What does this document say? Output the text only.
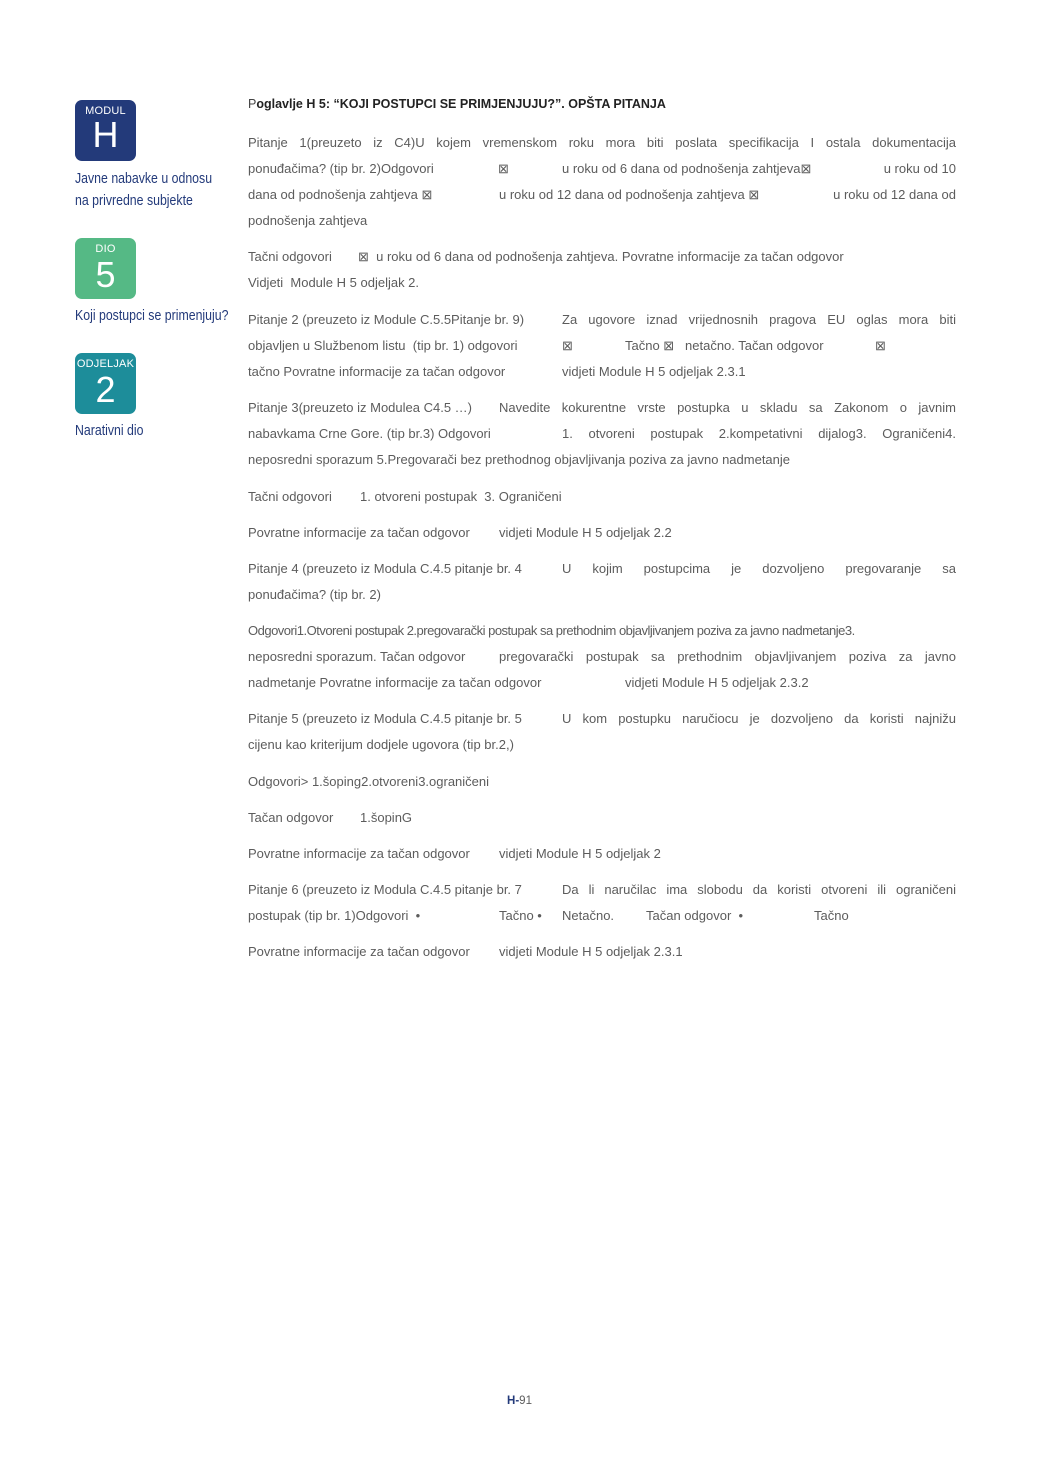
MODUL
H
Javne nabavke u odnosu
na privredne subjekte
DIO
5
Koji postupci se primenjuju?
ODJELJAK
2
Narativni dio
Poglavlje H 5: “KOJI POSTUPCI SE PRIMJENJUJU?”. OPŠTA PITANJA
Pitanje 1(preuzeto iz C4)U kojem vremenskom roku mora biti poslata specifikacija I ostala dokumentacija
ponuđačima? (tip br. 2)Odgovori	⊠	u roku od 6 dana od podnošenja zahtjeva⊠	u roku od 10
dana od podnošenja zahtjeva ⊠	u roku od 12 dana od podnošenja zahtjeva ⊠	u roku od 12 dana od
podnošenja zahtjeva
Tačni odgovori ⊠  u roku od 6 dana od podnošenja zahtjeva. Povratne informacije za tačan odgovor
Vidjeti  Module H 5 odjeljak 2.
Pitanje 2 (preuzeto iz Module C.5.5Pitanje br. 9)	Za ugovore iznad vrijednosnih pragova EU oglas mora biti
objavljen u Službenom listu  (tip br. 1) odgovori	⊠	Tačno ⊠   netačno. Tačan odgovor	⊠
tačno Povratne informacije za tačan odgovor	vidjeti Module H 5 odjeljak 2.3.1
Pitanje 3(preuzeto iz Modulea C4.5 …) Navedite kokurentne vrste postupka u skladu sa Zakonom o javnim
nabavkama Crne Gore. (tip br.3) Odgovori	1. otvoreni postupak 2.kompetativni dijalog3. Ograničeni4.
neposredni sporazum 5.Pregovarači bez prethodnog objavljivanja poziva za javno nadmetanje
Tačni odgovori 1. otvoreni postupak  3. Ograničeni
Povratne informacije za tačan odgovor vidjeti Module H 5 odjeljak 2.2
Pitanje 4 (preuzeto iz Modula C.4.5 pitanje br. 4	U kojim postupcima je dozvoljeno pregovaranje sa
ponuđačima? (tip br. 2)
Odgovori1.Otvoreni postupak 2.pregovarački postupak sa prethodnim objavljivanjem poziva za javno nadmetanje3.
neposredni sporazum. Tačan odgovor	pregovarački postupak sa prethodnim objavljivanjem poziva za javno
nadmetanje Povratne informacije za tačan odgovor	vidjeti Module H 5 odjeljak 2.3.2
Pitanje 5 (preuzeto iz Modula C.4.5 pitanje br. 5	U kom postupku naručiocu je dozvoljeno da koristi najnižu
cijenu kao kriterijum dodjele ugovora (tip br.2,)
Odgovori> 1.šoping2.otvoreni3.ograničeni
Tačan odgovor 1.šopinG
Povratne informacije za tačan odgovor vidjeti Module H 5 odjeljak 2
Pitanje 6 (preuzeto iz Modula C.4.5 pitanje br. 7	Da li naručilac ima slobodu da koristi otvoreni ili ograničeni
postupak (tip br. 1)Odgovori  •	Tačno • Netačno. Tačan odgovor  •	Tačno
Povratne informacije za tačan odgovor vidjeti Module H 5 odjeljak 2.3.1
H-91
